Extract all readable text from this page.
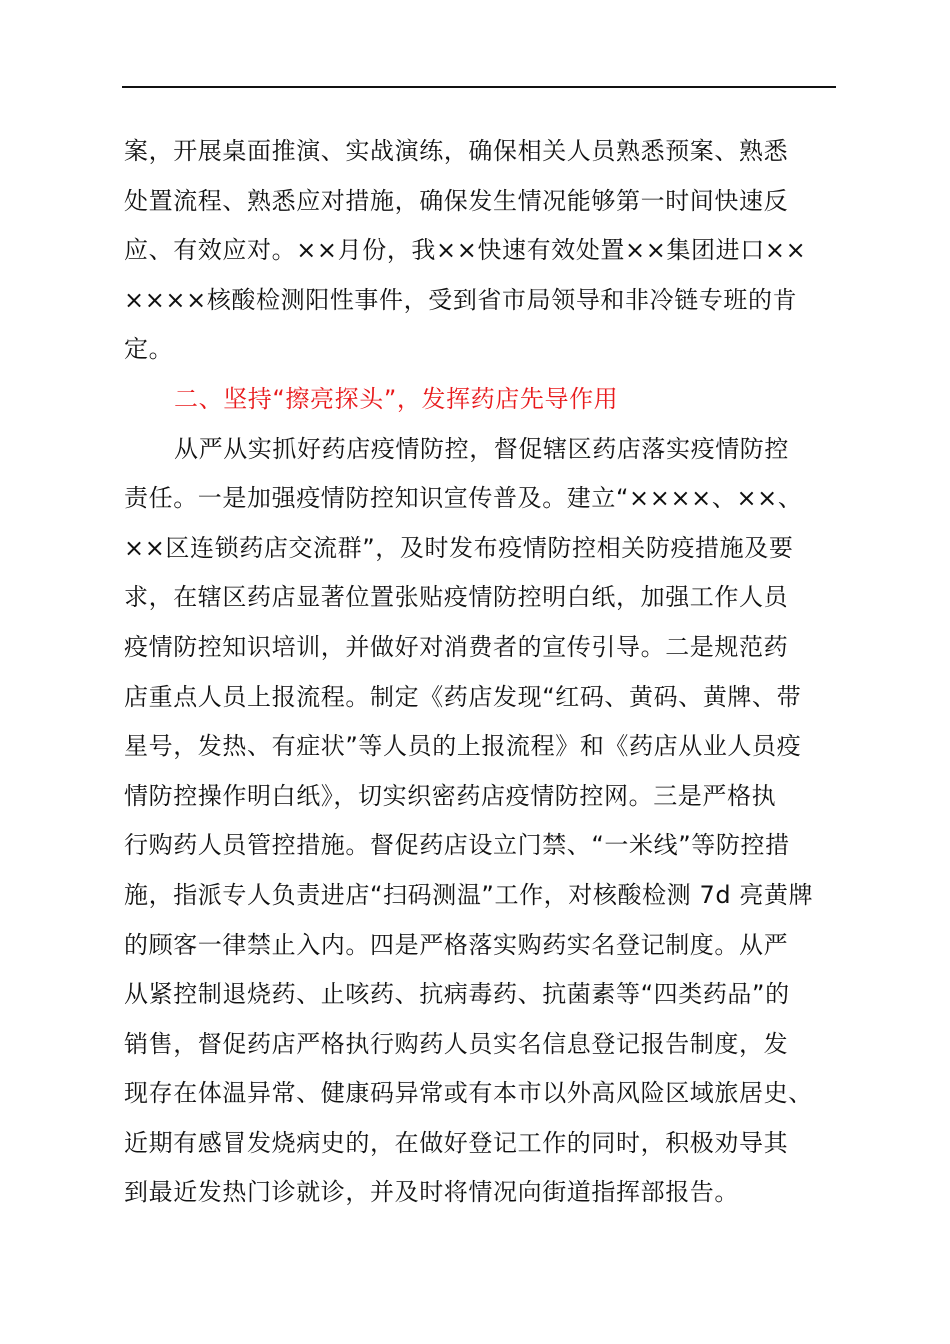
案，开展桌面推演、实战演练，确保相关人员熟悉预案、熟悉
处置流程、熟悉应对措施，确保发生情况能够第一时间快速反
应、有效应对。××月份，我××快速有效处置××集团进口××
××××核酸检测阳性事件，受到省市局领导和非冷链专班的肯
定。
二、坚持“擦亮探头”，发挥药店先导作用
从严从实抓好药店疫情防控，督促辖区药店落实疫情防控
责任。一是加强疫情防控知识宣传普及。建立“××××、××、
××区连锁药店交流群”，及时发布疫情防控相关防疫措施及要
求，在辖区药店显著位置张贴疫情防控明白纸，加强工作人员
疫情防控知识培训，并做好对消费者的宣传引导。二是规范药
店重点人员上报流程。制定《药店发现“红码、黄码、黄牌、带
星号，发热、有症状”等人员的上报流程》和《药店从业人员疫
情防控操作明白纸》，切实织密药店疫情防控网。三是严格执
行购药人员管控措施。督促药店设立门禁、“一米线”等防控措
施，指派专人负责进店“扫码测温”工作，对核酸检测 7d 亮黄牌
的顾客一律禁止入内。四是严格落实购药实名登记制度。从严
从紧控制退烧药、止咳药、抗病毒药、抗菌素等“四类药品”的
销售，督促药店严格执行购药人员实名信息登记报告制度，发
现存在体温异常、健康码异常或有本市以外高风险区域旅居史、
近期有感冒发烧病史的，在做好登记工作的同时，积极劝导其
到最近发热门诊就诊，并及时将情况向街道指挥部报告。
